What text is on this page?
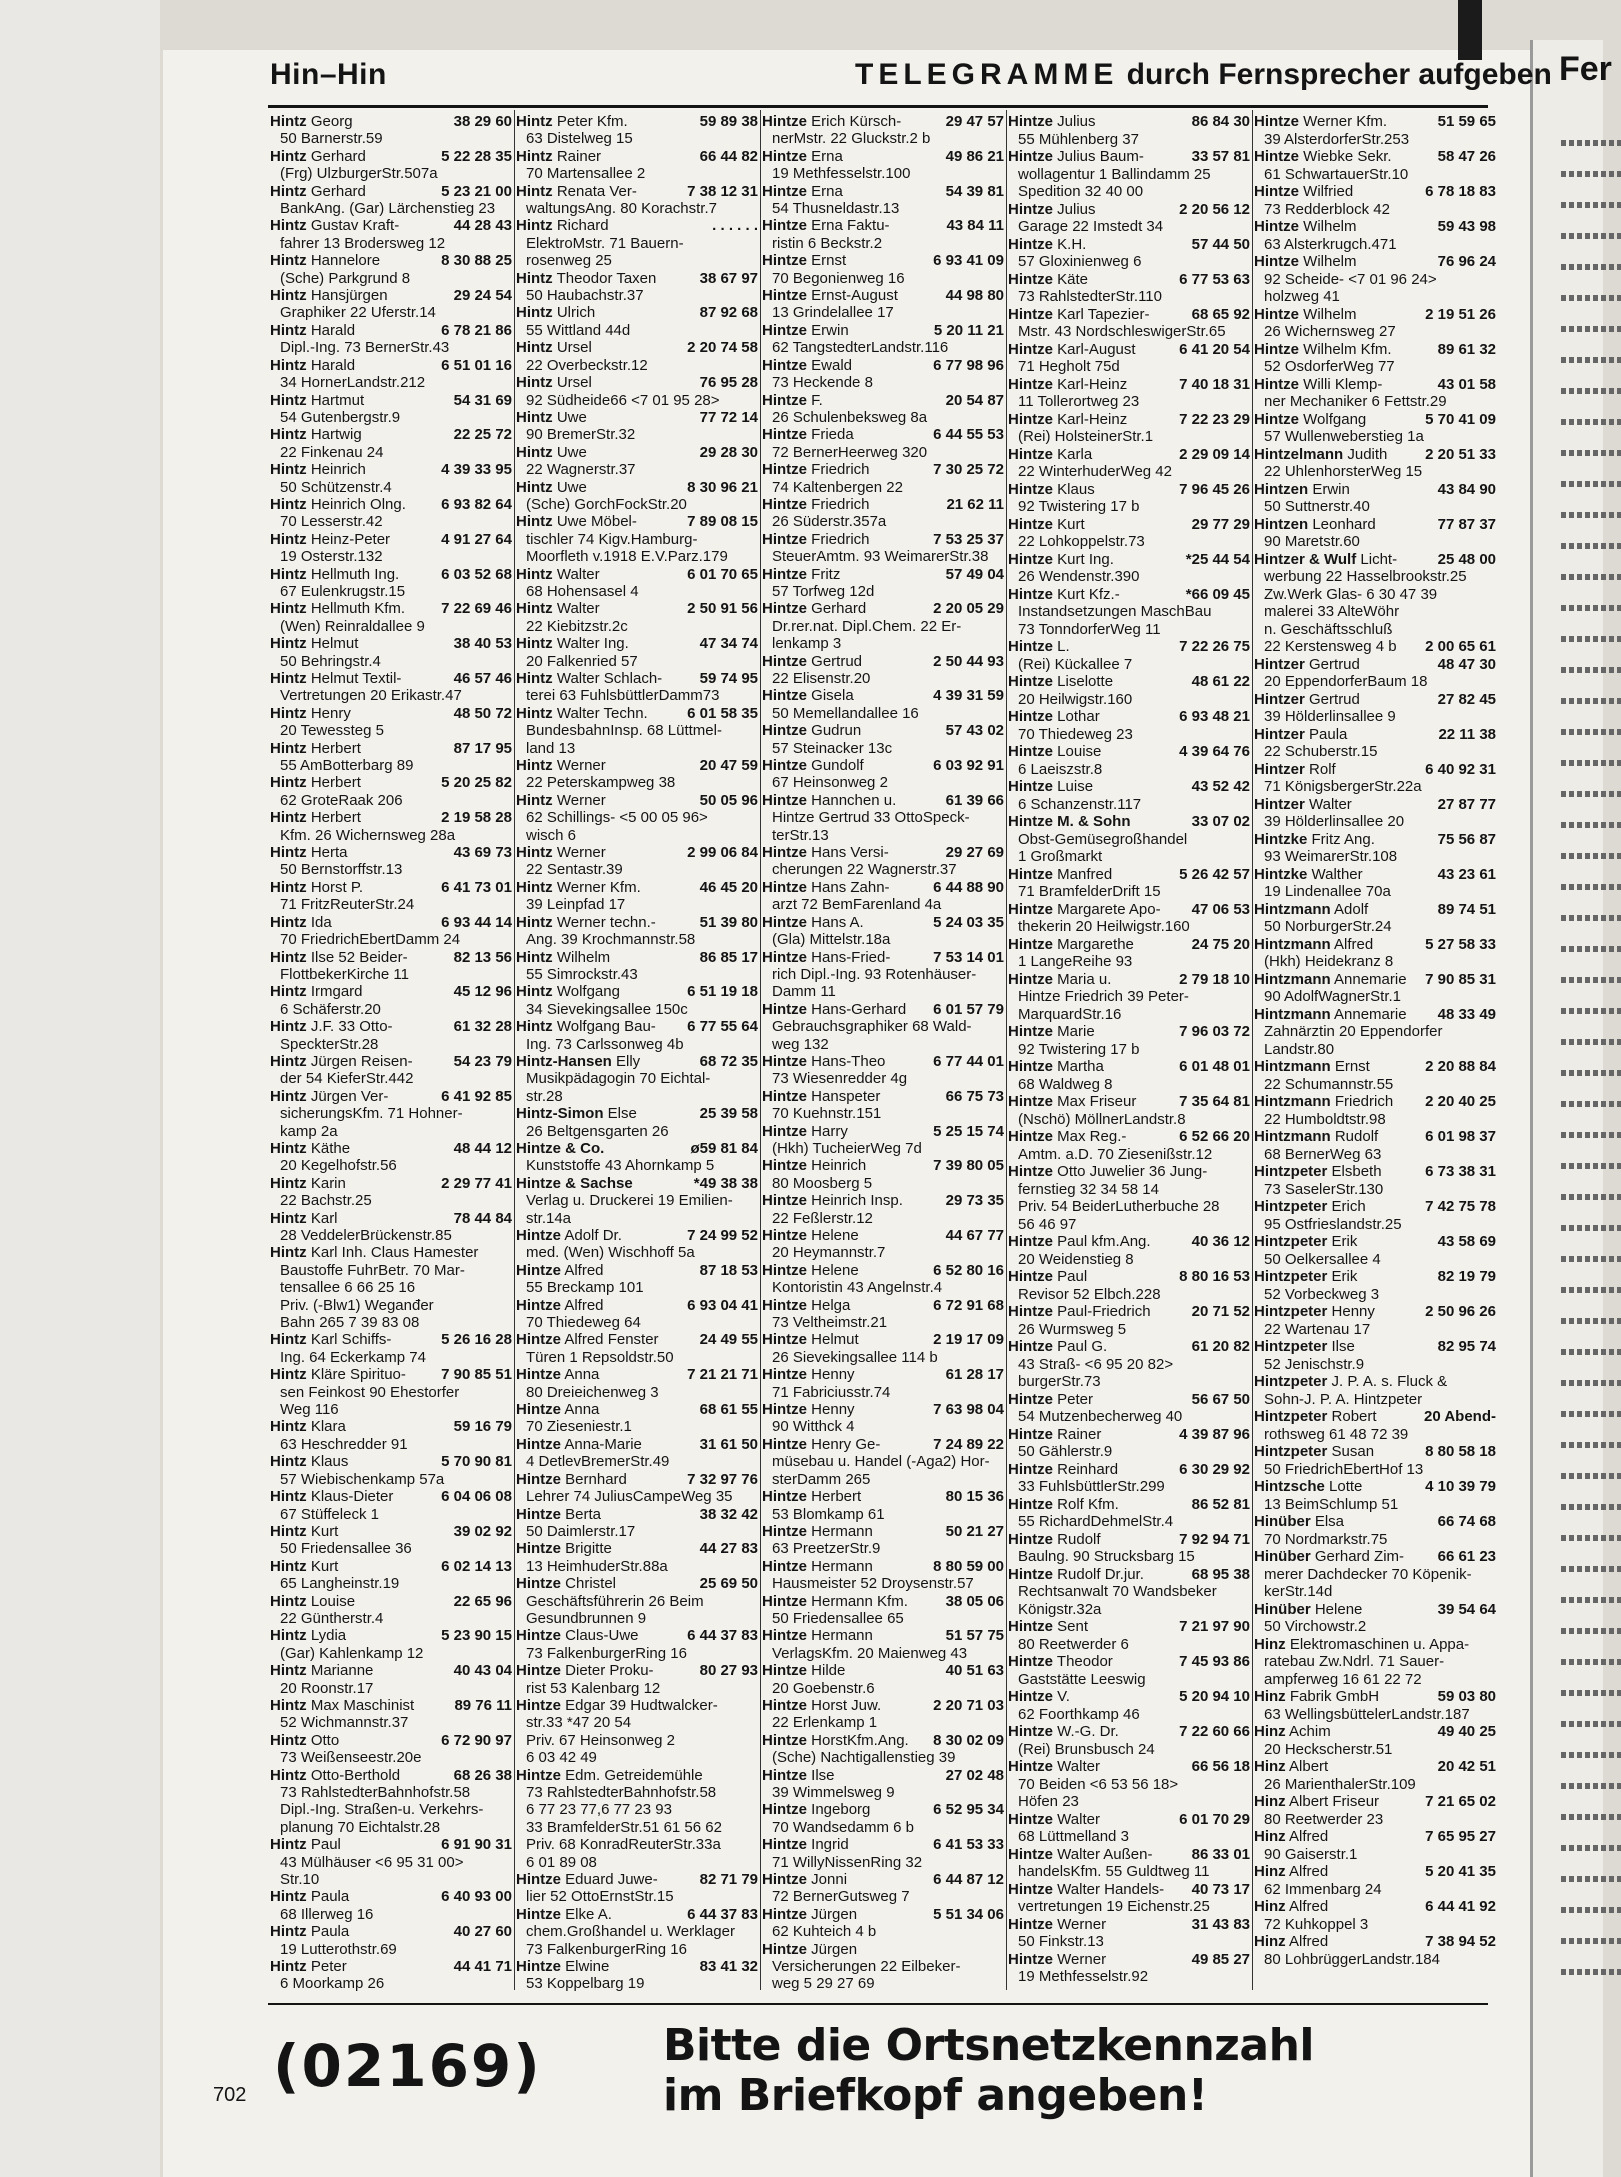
Fer
Hin–Hin	TELEGRAMME durch Fernsprecher aufgeben
Hintz Georg	38 29 60
50 Barnerstr.59
Hintz Gerhard	5 22 28 35
(Frg) UlzburgerStr.507a
Hintz Gerhard	5 23 21 00
BankAng. (Gar) Lärchenstieg 23
Hintz Gustav Kraft-	44 28 43
fahrer 13 Brodersweg 12
Hintz Hannelore	8 30 88 25
(Sche) Parkgrund 8
Hintz Hansjürgen	29 24 54
Graphiker 22 Uferstr.14
Hintz Harald	6 78 21 86
Dipl.-Ing. 73 BernerStr.43
Hintz Harald	6 51 01 16
34 HornerLandstr.212
Hintz Hartmut	54 31 69
54 Gutenbergstr.9
Hintz Hartwig	22 25 72
22 Finkenau 24
Hintz Heinrich	4 39 33 95
50 Schützenstr.4
Hintz Heinrich Olng. 6 93 82 64
70 Lesserstr.42
Hintz Heinz-Peter	4 91 27 64
19 Osterstr.132
Hintz Hellmuth Ing.	6 03 52 68
67 Eulenkrugstr.15
Hintz Hellmuth Kfm. 7 22 69 46
(Wen) Reinraldallee 9
Hintz Helmut	38 40 53
50 Behringstr.4
Hintz Helmut Textil-	46 57 46
Vertretungen 20 Erikastr.47
Hintz Henry	48 50 72
20 Tewessteg 5
Hintz Herbert	87 17 95
55 AmBotterbarg 89
Hintz Herbert	5 20 25 82
62 GroteRaak 206
Hintz Herbert	2 19 58 28
Kfm. 26 Wichernsweg 28a
Hintz Herta	43 69 73
50 Bernstorffstr.13
Hintz Horst P.	6 41 73 01
71 FritzReuterStr.24
Hintz Ida	6 93 44 14
70 FriedrichEbertDamm 24
Hintz Ilse 52 Beider-	82 13 56
FlottbekerKirche 11
Hintz Irmgard	45 12 96
6 Schäferstr.20
Hintz J.F. 33 Otto-	61 32 28
SpeckterStr.28
Hintz Jürgen Reisen-	54 23 79
der 54 KieferStr.442
Hintz Jürgen Ver-	6 41 92 85
sicherungsKfm. 71 Hohner-
kamp 2a
Hintz Käthe	48 44 12
20 Kegelhofstr.56
Hintz Karin	2 29 77 41
22 Bachstr.25
Hintz Karl	78 44 84
28 VeddelerBrückenstr.85
Hintz Karl Inh. Claus Hamester
Baustoffe FuhrBetr. 70 Mar-
tensallee 6 66 25 16
Priv. (-Blw1) Weganđer
Bahn 265 7 39 83 08
Hintz Karl Schiffs-	5 26 16 28
Ing. 64 Eckerkamp 74
Hintz Kläre Spirituo- 7 90 85 51
sen Feinkost 90 Ehestorfer
Weg 116
Hintz Klara	59 16 79
63 Heschredder 91
Hintz Klaus	5 70 90 81
57 Wiebischenkamp 57a
Hintz Klaus-Dieter	6 04 06 08
67 Stüffeleck 1
Hintz Kurt	39 02 92
50 Friedensallee 36
Hintz Kurt	6 02 14 13
65 Langheinstr.19
Hintz Louise	22 65 96
22 Güntherstr.4
Hintz Lydia	5 23 90 15
(Gar) Kahlenkamp 12
Hintz Marianne	40 43 04
20 Roonstr.17
Hintz Max Maschinist	89 76 11
52 Wichmannstr.37
Hintz Otto	6 72 90 97
73 Weißenseestr.20e
Hintz Otto-Berthold	68 26 38
73 RahlstedterBahnhofstr.58
Dipl.-Ing. Straßen-u. Verkehrs-
planung 70 Eichtalstr.28
Hintz Paul	6 91 90 31
43 Mülhäuser <6 95 31 00>
Str.10
Hintz Paula	6 40 93 00
68 Illerweg 16
Hintz Paula	40 27 60
19 Lutterothstr.69
Hintz Peter	44 41 71
6 Moorkamp 26
Hintz Peter Kfm.	59 89 38
63 Distelweg 15
Hintz Rainer	66 44 82
70 Martensallee 2
Hintz Renata Ver-	7 38 12 31
waltungsAng. 80 Korachstr.7
Hintz Richard	. . . . . .
ElektroMstr. 71 Bauern-
rosenweg 25
Hintz Theodor Taxen	38 67 97
50 Haubachstr.37
Hintz Ulrich	87 92 68
55 Wittland 44d
Hintz Ursel	2 20 74 58
22 Overbeckstr.12
Hintz Ursel	76 95 28
92 Südheide66 <7 01 95 28>
Hintz Uwe	77 72 14
90 BremerStr.32
Hintz Uwe	29 28 30
22 Wagnerstr.37
Hintz Uwe	8 30 96 21
(Sche) GorchFockStr.20
Hintz Uwe Möbel-	7 89 08 15
tischler 74 Kigv.Hamburg-
Moorfleth v.1918 E.V.Parz.179
Hintz Walter	6 01 70 65
68 Hohensasel 4
Hintz Walter	2 50 91 56
22 Kiebitzstr.2c
Hintz Walter Ing.	47 34 74
20 Falkenried 57
Hintz Walter Schlach- 59 74 95
terei 63 FuhlsbüttlerDamm73
Hintz Walter Techn.	6 01 58 35
BundesbahnInsp. 68 Lüttmel-
land 13
Hintz Werner	20 47 59
22 Peterskampweg 38
Hintz Werner	50 05 96
62 Schillings- <5 00 05 96>
wisch 6
Hintz Werner	2 99 06 84
22 Sentastr.39
Hintz Werner Kfm.	46 45 20
39 Leinpfad 17
Hintz Werner techn.-	51 39 80
Ang. 39 Krochmannstr.58
Hintz Wilhelm	86 85 17
55 Simrockstr.43
Hintz Wolfgang	6 51 19 18
34 Sievekingsallee 150c
Hintz Wolfgang Bau- 6 77 55 64
Ing. 73 Carlssonweg 4b
Hintz-Hansen Elly	68 72 35
Musikpädagogin 70 Eichtal-
str.28
Hintz-Simon Else	25 39 58
26 Beltgensgarten 26
Hintze & Co.	ø59 81 84
Kunststoffe 43 Ahornkamp 5
Hintze & Sachse	*49 38 38
Verlag u. Druckerei 19 Emilien-
str.14a
Hintze Adolf Dr.	7 24 99 52
med. (Wen) Wischhoff 5a
Hintze Alfred	87 18 53
55 Breckamp 101
Hintze Alfred	6 93 04 41
70 Thiedeweg 64
Hintze Alfred Fenster	24 49 55
Türen 1 Repsoldstr.50
Hintze Anna	7 21 21 71
80 Dreieichenweg 3
Hintze Anna	68 61 55
70 Zieseniestr.1
Hintze Anna-Marie	31 61 50
4 DetlevBremerStr.49
Hintze Bernhard	7 32 97 76
Lehrer 74 JuliusCampeWeg 35
Hintze Berta	38 32 42
50 Daimlerstr.17
Hintze Brigitte	44 27 83
13 HeimhuderStr.88a
Hintze Christel	25 69 50
Geschäftsführerin 26 Beim
Gesundbrunnen 9
Hintze Claus-Uwe	6 44 37 83
73 FalkenburgerRing 16
Hintze Dieter Proku-	80 27 93
rist 53 Kalenbarg 12
Hintze Edgar 39 Hudtwalcker-
str.33 *47 20 54
Priv. 67 Heinsonweg 2
6 03 42 49
Hintze Edm. Getreidemühle
73 RahlstedterBahnhofstr.58
6 77 23 77,6 77 23 93
33 BramfelderStr.51 61 56 62
Priv. 68 KonradReuterStr.33a
6 01 89 08
Hintze Eduard Juwe-	82 71 79
lier 52 OttoErnstStr.15
Hintze Elke A.	6 44 37 83
chem.Großhandel u. Werklager
73 FalkenburgerRing 16
Hintze Elwine	83 41 32
53 Koppelbarg 19
Hintze Erich Kürsch-	29 47 57
nerMstr. 22 Gluckstr.2 b
Hintze Erna	49 86 21
19 Methfesselstr.100
Hintze Erna	54 39 81
54 Thusneldastr.13
Hintze Erna Faktu-	43 84 11
ristin 6 Beckstr.2
Hintze Ernst	6 93 41 09
70 Begonienweg 16
Hintze Ernst-August	44 98 80
13 Grindelallee 17
Hintze Erwin	5 20 11 21
62 TangstedterLandstr.116
Hintze Ewald	6 77 98 96
73 Heckende 8
Hintze F.	20 54 87
26 Schulenbeksweg 8a
Hintze Frieda	6 44 55 53
72 BernerHeerweg 320
Hintze Friedrich	7 30 25 72
74 Kaltenbergen 22
Hintze Friedrich	21 62 11
26 Süderstr.357a
Hintze Friedrich	7 53 25 37
SteuerAmtm. 93 WeimarerStr.38
Hintze Fritz	57 49 04
57 Torfweg 12d
Hintze Gerhard	2 20 05 29
Dr.rer.nat. Dipl.Chem. 22 Er-
lenkamp 3
Hintze Gertrud	2 50 44 93
22 Elisenstr.20
Hintze Gisela	4 39 31 59
50 Memellandallee 16
Hintze Gudrun	57 43 02
57 Steinacker 13c
Hintze Gundolf	6 03 92 91
67 Heinsonweg 2
Hintze Hannchen u.	61 39 66
Hintze Gertrud 33 OttoSpeck-
terStr.13
Hintze Hans Versi-	29 27 69
cherungen 22 Wagnerstr.37
Hintze Hans Zahn-	6 44 88 90
arzt 72 BemFarenland 4a
Hintze Hans A.	5 24 03 35
(Gla) Mittelstr.18a
Hintze Hans-Fried-	7 53 14 01
rich Dipl.-Ing. 93 Rotenhäuser-
Damm 11
Hintze Hans-Gerhard 6 01 57 79
Gebrauchsgraphiker 68 Wald-
weg 132
Hintze Hans-Theo	6 77 44 01
73 Wiesenredder 4g
Hintze Hanspeter	66 75 73
70 Kuehnstr.151
Hintze Harry	5 25 15 74
(Hkh) TucheierWeg 7d
Hintze Heinrich	7 39 80 05
80 Moosberg 5
Hintze Heinrich Insp.	29 73 35
22 Feßlerstr.12
Hintze Helene	44 67 77
20 Heymannstr.7
Hintze Helene	6 52 80 16
Kontoristin 43 Angelnstr.4
Hintze Helga	6 72 91 68
73 Veltheimstr.21
Hintze Helmut	2 19 17 09
26 Sievekingsallee 114 b
Hintze Henny	61 28 17
71 Fabriciusstr.74
Hintze Henny	7 63 98 04
90 Witthck 4
Hintze Henry Ge-	7 24 89 22
müsebau u. Handel (-Aga2) Hor-
sterDamm 265
Hintze Herbert	80 15 36
53 Blomkamp 61
Hintze Hermann	50 21 27
63 PreetzerStr.9
Hintze Hermann	8 80 59 00
Hausmeister 52 Droysenstr.57
Hintze Hermann Kfm.	38 05 06
50 Friedensallee 65
Hintze Hermann	51 57 75
VerlagsKfm. 20 Maienweg 43
Hintze Hilde	40 51 63
20 Goebenstr.6
Hintze Horst Juw.	2 20 71 03
22 Erlenkamp 1
Hintze HorstKfm.Ang. 8 30 02 09
(Sche) Nachtigallenstieg 39
Hintze Ilse	27 02 48
39 Wimmelsweg 9
Hintze Ingeborg	6 52 95 34
70 Wandsedamm 6 b
Hintze Ingrid	6 41 53 33
71 WillyNissenRing 32
Hintze Jonni	6 44 87 12
72 BernerGutsweg 7
Hintze Jürgen	5 51 34 06
62 Kuhteich 4 b
Hintze Jürgen
Versicherungen 22 Eilbeker-
weg 5 29 27 69
Hintze Julius	86 84 30
55 Mühlenberg 37
Hintze Julius Baum-	33 57 81
wollagentur 1 Ballindamm 25
Spedition 32 40 00
Hintze Julius	2 20 56 12
Garage 22 Imstedt 34
Hintze K.H.	57 44 50
57 Gloxinienweg 6
Hintze Käte	6 77 53 63
73 RahlstedterStr.110
Hintze Karl Tapezier-	68 65 92
Mstr. 43 NordschleswigerStr.65
Hintze Karl-August	6 41 20 54
71 Hegholt 75d
Hintze Karl-Heinz	7 40 18 31
11 Tollerortweg 23
Hintze Karl-Heinz	7 22 23 29
(Rei) HolsteinerStr.1
Hintze Karla	2 29 09 14
22 WinterhuderWeg 42
Hintze Klaus	7 96 45 26
92 Twistering 17 b
Hintze Kurt	29 77 29
22 Lohkoppelstr.73
Hintze Kurt Ing.	*25 44 54
26 Wendenstr.390
Hintze Kurt Kfz.-	*66 09 45
Instandsetzungen MaschBau
73 TonndorferWeg 11
Hintze L.	7 22 26 75
(Rei) Kückallee 7
Hintze Liselotte	48 61 22
20 Heilwigstr.160
Hintze Lothar	6 93 48 21
70 Thiedeweg 23
Hintze Louise	4 39 64 76
6 Laeiszstr.8
Hintze Luise	43 52 42
6 Schanzenstr.117
Hintze M. & Sohn	33 07 02
Obst-Gemüsegroßhandel
1 Großmarkt
Hintze Manfred	5 26 42 57
71 BramfelderDrift 15
Hintze Margarete Apo- 47 06 53
thekerin 20 Heilwigstr.160
Hintze Margarethe	24 75 20
1 LangeReihe 93
Hintze Maria u.	2 79 18 10
Hintze Friedrich 39 Peter-
MarquardStr.16
Hintze Marie	7 96 03 72
92 Twistering 17 b
Hintze Martha	6 01 48 01
68 Waldweg 8
Hintze Max Friseur	7 35 64 81
(Nschö) MöllnerLandstr.8
Hintze Max Reg.-	6 52 66 20
Amtm. a.D. 70 Ziesenißstr.12
Hintze Otto Juwelier 36 Jung-
fernstieg 32 34 58 14
Priv. 54 BeiderLutherbuche 28
56 46 97
Hintze Paul kfm.Ang.	40 36 12
20 Weidenstieg 8
Hintze Paul	8 80 16 53
Revisor 52 Elbch.228
Hintze Paul-Friedrich	20 71 52
26 Wurmsweg 5
Hintze Paul G.	61 20 82
43 Straß- <6 95 20 82>
burgerStr.73
Hintze Peter	56 67 50
54 Mutzenbecherweg 40
Hintze Rainer	4 39 87 96
50 Gählerstr.9
Hintze Reinhard	6 30 29 92
33 FuhlsbüttlerStr.299
Hintze Rolf Kfm.	86 52 81
55 RichardDehmelStr.4
Hintze Rudolf	7 92 94 71
Baulng. 90 Strucksbarg 15
Hintze Rudolf Dr.jur.	68 95 38
Rechtsanwalt 70 Wandsbeker
Königstr.32a
Hintze Sent	7 21 97 90
80 Reetwerder 6
Hintze Theodor	7 45 93 86
Gaststätte Leeswig
Hintze V.	5 20 94 10
62 Foorthkamp 46
Hintze W.-G. Dr.	7 22 60 66
(Rei) Brunsbusch 24
Hintze Walter	66 56 18
70 Beiden <6 53 56 18>
Höfen 23
Hintze Walter	6 01 70 29
68 Lüttmelland 3
Hintze Walter Außen-	86 33 01
handelsKfm. 55 Guldtweg 11
Hintze Walter Handels- 40 73 17
vertretungen 19 Eichenstr.25
Hintze Werner	31 43 83
50 Finkstr.13
Hintze Werner	49 85 27
19 Methfesselstr.92
Hintze Werner Kfm.	51 59 65
39 AlsterdorferStr.253
Hintze Wiebke Sekr.	58 47 26
61 SchwartauerStr.10
Hintze Wilfried	6 78 18 83
73 Redderblock 42
Hintze Wilhelm	59 43 98
63 Alsterkrugch.471
Hintze Wilhelm	76 96 24
92 Scheide- <7 01 96 24>
holzweg 41
Hintze Wilhelm	2 19 51 26
26 Wichernsweg 27
Hintze Wilhelm Kfm.	89 61 32
52 OsdorferWeg 77
Hintze Willi Klemp-	43 01 58
ner Mechaniker 6 Fettstr.29
Hintze Wolfgang	5 70 41 09
57 Wullenweberstieg 1a
Hintzelmann Judith	2 20 51 33
22 UhlenhorsterWeg 15
Hintzen Erwin	43 84 90
50 Suttnerstr.40
Hintzen Leonhard	77 87 37
90 Maretstr.60
Hintzer & Wulf Licht-	25 48 00
werbung 22 Hasselbrookstr.25
Zw.Werk Glas- 6 30 47 39
malerei 33 AlteWöhr
n. Geschäftsschluß
22 Kerstensweg 4 b 2 00 65 61
Hintzer Gertrud	48 47 30
20 EppendorferBaum 18
Hintzer Gertrud	27 82 45
39 Hölderlinsallee 9
Hintzer Paula	22 11 38
22 Schuberstr.15
Hintzer Rolf	6 40 92 31
71 KönigsbergerStr.22a
Hintzer Walter	27 87 77
39 Hölderlinsallee 20
Hintzke Fritz Ang.	75 56 87
93 WeimarerStr.108
Hintzke Walther	43 23 61
19 Lindenallee 70a
Hintzmann Adolf	89 74 51
50 NorburgerStr.24
Hintzmann Alfred	5 27 58 33
(Hkh) Heidekranz 8
Hintzmann Annemarie 7 90 85 31
90 AdolfWagnerStr.1
Hintzmann Annemarie 48 33 49
Zahnärztin 20 Eppendorfer
Landstr.80
Hintzmann Ernst	2 20 88 84
22 Schumannstr.55
Hintzmann Friedrich 2 20 40 25
22 Humboldtstr.98
Hintzmann Rudolf	6 01 98 37
68 BernerWeg 63
Hintzpeter Elsbeth	6 73 38 31
73 SaselerStr.130
Hintzpeter Erich	7 42 75 78
95 Ostfrieslandstr.25
Hintzpeter Erik	43 58 69
50 Oelkersallee 4
Hintzpeter Erik	82 19 79
52 Vorbeckweg 3
Hintzpeter Henny	2 50 96 26
22 Wartenau 17
Hintzpeter Ilse	82 95 74
52 Jenischstr.9
Hintzpeter J. P. A. s. Fluck &
Sohn-J. P. A. Hintzpeter
Hintzpeter Robert	20 Abend-
rothsweg 61 48 72 39
Hintzpeter Susan	8 80 58 18
50 FriedrichEbertHof 13
Hintzsche Lotte	4 10 39 79
13 BeimSchlump 51
Hinüber Elsa	66 74 68
70 Nordmarkstr.75
Hinüber Gerhard Zim- 66 61 23
merer Dachdecker 70 Köpenik-
kerStr.14d
Hinüber Helene	39 54 64
50 Virchowstr.2
Hinz Elektromaschinen u. Appa-
ratebau Zw.Ndrl. 71 Sauer-
ampferweg 16 61 22 72
Hinz Fabrik GmbH	59 03 80
63 WellingsbüttelerLandstr.187
Hinz Achim	49 40 25
20 Heckscherstr.51
Hinz Albert	20 42 51
26 MarienthalerStr.109
Hinz Albert Friseur	7 21 65 02
80 Reetwerder 23
Hinz Alfred	7 65 95 27
90 Gaiserstr.1
Hinz Alfred	5 20 41 35
62 Immenbarg 24
Hinz Alfred	6 44 41 92
72 Kuhkoppel 3
Hinz Alfred	7 38 94 52
80 LohbrüggerLandstr.184
(02169)	Bitte die Ortsnetzkennzahl
im Briefkopf angeben!
702
